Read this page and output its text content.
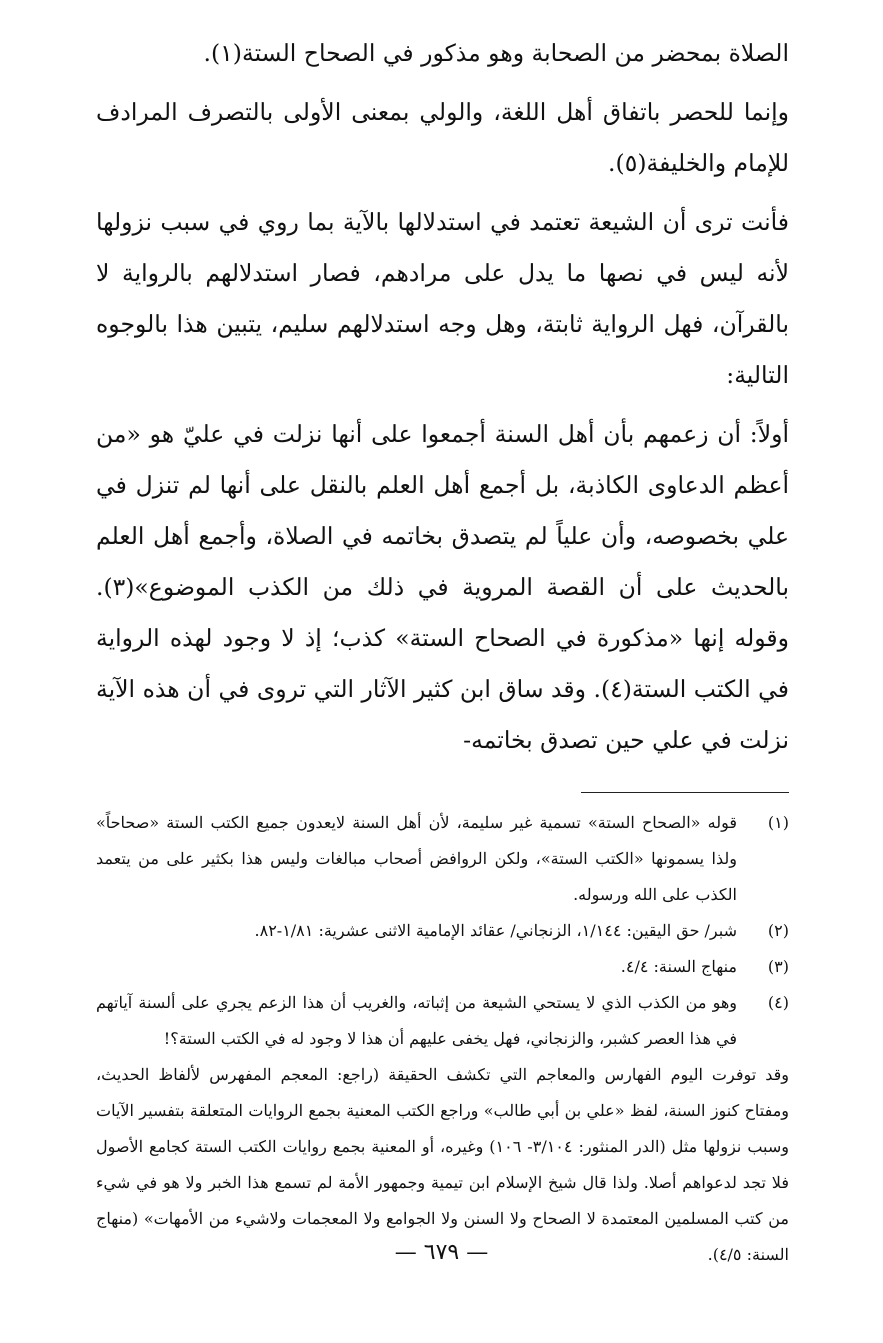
الصلاة بمحضر من الصحابة وهو مذكور في الصحاح الستة(١).

وإنما للحصر باتفاق أهل اللغة، والولي بمعنى الأولى بالتصرف المرادف للإمام والخليفة(٥).

فأنت ترى أن الشيعة تعتمد في استدلالها بالآية بما روي في سبب نزولها لأنه ليس في نصها ما يدل على مرادهم، فصار استدلالهم بالرواية لا بالقرآن، فهل الرواية ثابتة، وهل وجه استدلالهم سليم، يتبين هذا بالوجوه التالية:

أولاً: أن زعمهم بأن أهل السنة أجمعوا على أنها نزلت في عليّ هو «من أعظم الدعاوى الكاذبة، بل أجمع أهل العلم بالنقل على أنها لم تنزل في علي بخصوصه، وأن علياً لم يتصدق بخاتمه في الصلاة، وأجمع أهل العلم بالحديث على أن القصة المروية في ذلك من الكذب الموضوع»(٣). وقوله إنها «مذكورة في الصحاح الستة» كذب؛ إذ لا وجود لهذه الرواية في الكتب الستة(٤). وقد ساق ابن كثير الآثار التي تروى في أن هذه الآية نزلت في علي حين تصدق بخاتمه-

(١)
قوله «الصحاح الستة» تسمية غير سليمة، لأن أهل السنة لايعدون جميع الكتب الستة «صحاحاً» ولذا يسمونها «الكتب الستة»، ولكن الروافض أصحاب مبالغات وليس هذا بكثير على من يتعمد الكذب على الله ورسوله.
(٢)
شبر/ حق اليقين: ١/١٤٤، الزنجاني/ عقائد الإمامية الاثنى عشرية: ١/٨١-٨٢.
(٣)
منهاج السنة: ٤/٤.
(٤)
وهو من الكذب الذي لا يستحي الشيعة من إثباته، والغريب أن هذا الزعم يجري على ألسنة آياتهم في هذا العصر كشبر، والزنجاني، فهل يخفى عليهم أن هذا لا وجود له في الكتب الستة؟!

وقد توفرت اليوم الفهارس والمعاجم التي تكشف الحقيقة (راجع: المعجم المفهرس لألفاظ الحديث، ومفتاح كنوز السنة، لفظ «علي بن أبي طالب» وراجع الكتب المعنية بجمع الروايات المتعلقة بتفسير الآيات وسبب نزولها مثل (الدر المنثور: ٣/١٠٤- ١٠٦) وغيره، أو المعنية بجمع روايات الكتب الستة كجامع الأصول فلا تجد لدعواهم أصلا. ولذا قال شيخ الإسلام ابن تيمية وجمهور الأمة لم تسمع هذا الخبر ولا هو في شيء من كتب المسلمين المعتمدة لا الصحاح ولا السنن ولا الجوامع ولا المعجمات ولاشيء من الأمهات» (منهاج السنة: ٤/٥).

— ٦٧٩ —
